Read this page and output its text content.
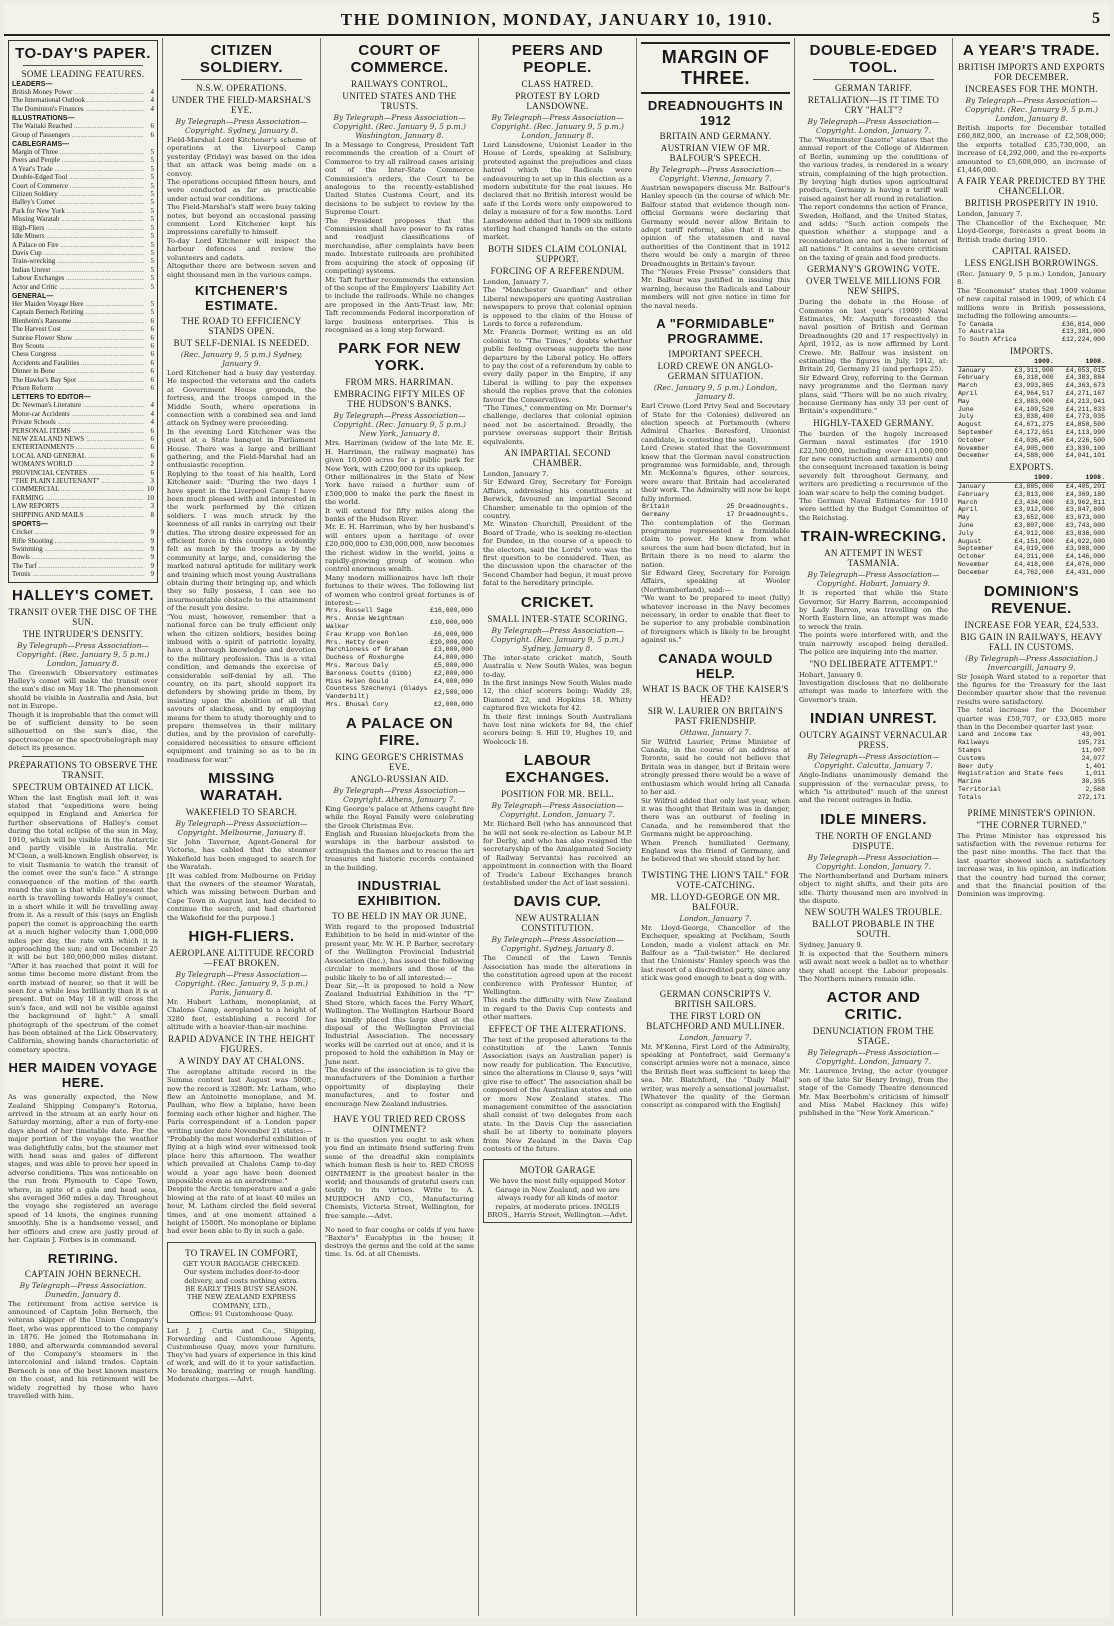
THE DOMINION, MONDAY, JANUARY 10, 1910.	5
TO-DAY'S PAPER.
SOME LEADING FEATURES.
LEADERS—
British Money Power .....	4
The International Outlook .....	4
The Dominion's Finances .....	4
ILLUSTRATIONS—
The Waitaki Reached .....	6
Group of Passengers .....	6
CABLEGRAMS—
Margin of Three .....	5
Peers and People .....	5
A Year's Trade .....	5
Double-Edged Tool .....	5
Court of Commerce .....	5
Citizen Soldiery .....	5
Halley's Comet .....	5
Park for New York .....	5
Missing Waratah .....	5
High-Fliers .....	5
Idle Miners .....	5
A Palace on Fire .....	5
Davis Cup .....	5
Train-wrecking .....	5
Indian Unrest .....	5
Labour Exchanges .....	5
Actor and Critic .....	5
GENERAL—
Her Maiden Voyage Here .....	5
Captain Bernech Retiring .....	5
Blenheim's Ransome .....	6
The Harvest Cost .....	6
Sunrise Flower Show .....	6
Boy Scouts .....	6
Chess Congress .....	6
Accidents and Fatalities .....	6
Dinner in Bone .....	6
The Hawke's Bay Spot .....	6
Prison Reform .....	6
LETTERS TO EDITOR—
Dr. Newman's Literature .....	4
Motor-car Accidents .....	4
Private Schools .....	4
PERSONAL ITEMS .....	6
NEW ZEALAND NEWS .....	6
ENTERTAINMENTS .....	6
LOCAL AND GENERAL .....	6
WOMAN'S WORLD .....	2
PROVINCIAL CENTRES .....	6
"THE PLAIN LIEUTENANT" .....	3
COMMERCIAL .....	10
FARMING .....	10
LAW REPORTS .....	3
SHIPPING AND MAILS .....	8
SPORTS—
Cricket .....	9
Rifle Shooting .....	9
Swimming .....	9
Bowls .....	9
The Turf .....	9
Tennis .....	9
HALLEY'S COMET.
TRANSIT OVER THE DISC OF THE SUN.
THE INTRUDER'S DENSITY.
By Telegraph—Press Association—Copyright. (Rec. January 9, 5 p.m.) London, January 8.
The Greenwich Observatory estimates Halley's comet will make the transit over the sun's disc on May 18. The phenomenon should be visible in Australia and Asia, but not in Europe.
Though it is improbable that the comet will be of sufficient density to be seen silhouetted on the sun's disc, the spectroscope or the spectrohelograph may detect its presence.
PREPARATIONS TO OBSERVE THE TRANSIT.
SPECTRUM OBTAINED AT LICK.
When the last English mail left it was stated that "expeditions were being equipped in England and America for further observations of Halley's comet during the total eclipse of the sun in May, 1910, which will be visible in the Antarctic and partly visible in Australia. Mr. M'Clean, a well-known English observer, is to visit Tasmania to watch the transit of the comet over the sun's face." A strange consequence of the motion of the earth round the sun is that while at present the earth is travelling towards Halley's comet, in a short while it will be travelling away from it. As a result of this (says an English paper) the comet is approaching the earth at a much higher velocity than 1,000,000 miles per day, the rate with which it is approaching the sun; and on December 25 it will be but 180,000,000 miles distant. "After it has reached that point it will for some time become more distant from the earth instead of nearer, so that it will be seen for a while less brilliantly than it is at present. But on May 18 it will cross the sun's face, and will not be visible against the background of light." A small photograph of the spectrum of the comet has been obtained at the Lick Observatory, California, showing bands characteristic of cometary spectra.
HER MAIDEN VOYAGE HERE.
As was generally expected, the New Zealand Shipping Company's Rotorua, arrived in the stream at an early hour on Saturday morning, after a run of forty-one days ahead of her timetable date. For the major portion of the voyage the weather was delightfully calm, but the steamer met with head seas and gales of different stages, and was able to prove her speed in adverse conditions. This was noticeable on the run from Plymouth to Cape Town, where, in spite of a gale and head seas, she averaged 360 miles a day. Throughout the voyage she registered an average speed of 14 knots, the engines running smoothly. She is a handsome vessel, and her officers and crew are justly proud of her. Captain J. Forbes is in command.
RETIRING.
CAPTAIN JOHN BERNECH.
By Telegraph—Press Association. Dunedin, January 8.
The retirement from active service is announced of Captain John Bernech, the veteran skipper of the Union Company's fleet, who was apprenticed to the company in 1876. He joined the Rotomahana in 1880, and afterwards commanded several of the Company's steamers in the intercolonial and island trades. Captain Bernech is one of the best known masters on the coast, and his retirement will be widely regretted by those who have travelled with him.
CITIZEN SOLDIERY.
N.S.W. OPERATIONS.
UNDER THE FIELD-MARSHAL'S EYE.
By Telegraph—Press Association—Copyright. Sydney, January 8.
Field-Marshal Lord Kitchener's scheme of operations at the Liverpool Camp yesterday (Friday) was based on the idea that an attack was being made on a convoy.
The operations occupied fifteen hours, and were conducted as far as practicable under actual war conditions.
The Field-Marshal's staff were busy taking notes, but beyond an occasional passing comment Lord Kitchener kept his impressions carefully to himself.
To-day Lord Kitchener will inspect the harbour defences and review the volunteers and cadets.
Altogether there are between seven and eight thousand men in the various camps.
KITCHENER'S ESTIMATE.
THE ROAD TO EFFICIENCY STANDS OPEN.
BUT SELF-DENIAL IS NEEDED.
(Rec. January 9, 5 p.m.) Sydney, January 9.
Lord Kitchener had a busy day yesterday. He inspected the veterans and the cadets at Government House grounds, the fortress, and the troops camped in the Middle South, where operations in connection with a combined sea and land attack on Sydney were proceeding.
In the evening Lord Kitchener was the guest at a State banquet in Parliament House. There was a large and brilliant gathering, and the Field-Marshal had an enthusiastic reception.
Replying to the toast of his health, Lord Kitchener said: "During the two days I have spent in the Liverpool Camp I have been much pleased with and interested in the work performed by the citizen soldiers. I was much struck by the keenness of all ranks in carrying out their duties. The strong desire expressed for an efficient force in this country is evidently felt as much by the troops as by the community at large, and, considering the marked natural aptitude for military work and training which most young Australians obtain during their bringing up, and which they so fully possess, I can see no insurmountable obstacle to the attainment of the result you desire.
"You must, however, remember that a national force can be truly efficient only when the citizen soldiers, besides being imbued with a spirit of patriotic loyalty, have a thorough knowledge and devotion to the military profession. This is a vital condition, and demands the exercise of considerable self-denial by all. The country, on its part, should support its defenders by showing pride in them, by insisting upon the abolition of all that savours of slackness, and by employing means for them to study thoroughly and to prepare themselves in their military duties, and by the provision of carefully-considered necessities to ensure efficient equipment and training so as to be in readiness for war."
MISSING WARATAH.
WAKEFIELD TO SEARCH.
By Telegraph—Press Association—Copyright. Melbourne, January 8.
Sir John Taverner, Agent-General for Victoria, has cabled that the steamer Wakefield has been engaged to search for the Waratah.
[It was cabled from Melbourne on Friday that the owners of the steamer Waratah, which was missing between Durban and Cape Town in August last, had decided to continue the search, and had chartered the Wakefield for the purpose.]
HIGH-FLIERS.
AEROPLANE ALTITUDE RECORD —FEAT BROKEN.
By Telegraph—Press Association—Copyright. (Rec. January 9, 5 p.m.) Paris, January 8.
Mr. Hubert Latham, monoplanist, at Chalons Camp, aeroplaned to a height of 3280 feet, establishing a record for altitude with a heavier-than-air machine.
RAPID ADVANCE IN THE HEIGHT FIGURES.
A WINDY DAY AT CHALONS.
The aeroplane altitude record in the Summa contest last August was 500ft.; now the record is 3280ft. Mr. Latham, who flew an Antoinette monoplane, and M. Paulhan, who flew a biplane, have been forming each other higher and higher. The Paris correspondent of a London paper writing under date November 21 states:—
"Probably the most wonderful exhibition of flying at a high wind ever witnessed took place here this afternoon. The weather which prevailed at Chalons Camp to-day would a year ago have been deemed impossible even as an aerodrome."
Despite the Arctic temperature and a gale blowing at the rate of at least 40 miles an hour, M. Latham circled the field several times, and at one moment attained a height of 1500ft. No monoplane or biplane had ever been able to fly in such a gale.
TO TRAVEL IN COMFORT,
GET YOUR BAGGAGE CHECKED.
Our system includes door-to-door delivery, and costs nothing extra.
BE EARLY THIS BUSY SEASON.
THE NEW ZEALAND EXPRESS COMPANY, LTD.,
Office: 91 Customhouse Quay.
Let J. J. Curtis and Co., Shipping, Forwarding and Customhouse Agents, Customhouse Quay, move your furniture. They've had years of experience in this kind of work, and will do it to your satisfaction. No breaking, marring or rough handling. Moderate charges.—Advt.
COURT OF COMMERCE.
RAILWAYS CONTROL.
UNITED STATES AND THE TRUSTS.
By Telegraph—Press Association—Copyright. (Rec. January 9, 5 p.m.) Washington, January 8.
In a Message to Congress, President Taft recommends the creation of a Court of Commerce to try all railroad cases arising out of the Inter-State Commerce Commission's orders, the Court to be analogous to the recently-established United States Customs Court, and its decisions to be subject to review by the Supreme Court.
The President proposes that the Commission shall have power to fix rates and readjust classifications of merchandise, after complaints have been made. Interstate railroads are prohibited from acquiring the stock of opposing (if competing) systems.
Mr. Taft further recommends the extension of the scope of the Employers' Liability Act to include the railroads. While no changes are proposed in the Anti-Trust law, Mr. Taft recommends Federal incorporation of large business enterprises. This is recognised as a long step forward.
PARK FOR NEW YORK.
FROM MRS. HARRIMAN.
EMBRACING FIFTY MILES OF THE HUDSON'S BANKS.
By Telegraph—Press Association—Copyright. (Rec. January 9, 5 p.m.) New York, January 8.
Mrs. Harriman (widow of the late Mr. E. H. Harriman, the railway magnate) has given 10,000 acres for a public park for New York, with £200,000 for its upkeep.
Other millionaires in the State of New York have raised a further sum of £500,000 to make the park the finest in the world.
It will extend for fifty miles along the banks of the Hudson River.
Mr. E. H. Harriman, who by her husband's will enters upon a heritage of over £20,000,000 to £30,000,000, now becomes the richest widow in the world, joins a rapidly-growing group of women who control enormous wealth.
Many modern millionaires have left their fortunes to their wives. The following list of women who control great fortunes is of interest:—
Mrs. Russell Sage	£16,000,000
Mrs. Annie Weightman Walker	£10,000,000
Frau Krupp von Bohlen	£6,000,000
Mrs. Hetty Green	£10,000,000
Marchioness of Graham	£3,000,000
Duchess of Roxburghe	£4,000,000
Mrs. Marcus Daly	£5,000,000
Baroness Coutts (Gibb)	£2,000,000
Miss Helen Gould	£4,000,000
Countess Széchenyi (Gladys Vanderbilt)	£2,500,000
Mrs. Bhusal Cory	£2,000,000
A PALACE ON FIRE.
KING GEORGE'S CHRISTMAS EVE.
ANGLO-RUSSIAN AID.
By Telegraph—Press Association—Copyright. Athens, January 7.
King George's palace at Athens caught fire while the Royal Family were celebrating the Greek Christmas Eve.
English and Russian bluejackets from the warships in the harbour assisted to extinguish the flames and to rescue the art treasures and historic records contained in the building.
INDUSTRIAL EXHIBITION.
TO BE HELD IN MAY OR JUNE.
With regard to the proposed Industrial Exhibition to be held in mid-winter of the present year, Mr. W. H. P. Barber, secretary of the Wellington Provincial Industrial Association (Inc.), has issued the following circular to members and those of the public likely to be of all interested:—
Dear Sir,—It is proposed to hold a New Zealand Industrial Exhibition in the "T" Shed Store, which faces the Ferry Wharf, Wellington. The Wellington Harbour Board has kindly placed this large shed at the disposal of the Wellington Provincial Industrial Association. The necessary works will be carried out at once, and it is proposed to hold the exhibition in May or June next.
The desire of the association is to give the manufacturers of the Dominion a further opportunity of displaying their manufactures, and to foster and encourage New Zealand industries.
HAVE YOU TRIED RED CROSS OINTMENT?
It is the question you ought to ask when you find an intimate friend suffering from some of the dreadful skin complaints which human flesh is heir to. RED CROSS OINTMENT is the greatest healer in the world; and thousands of grateful users can testify to its virtues. Write to A. MURDOCH AND CO., Manufacturing Chemists, Victoria Street, Wellington, for free sample.—Advt.
No need to fear coughs or colds if you have "Baxter's" Eucalyptus in the house; it destroys the germs and the cold at the same time. 1s. 6d. at all Chemists.
PEERS AND PEOPLE.
CLASS HATRED.
PROTEST BY LORD LANSDOWNE.
By Telegraph—Press Association—Copyright. (Rec. January 9, 5 p.m.) London, January 8.
Lord Lansdowne, Unionist Leader in the House of Lords, speaking at Salisbury, protested against the prejudices and class hatred which the Radicals were endeavouring to set up in this election as a modern substitute for the real issues. He declared that no British interest would be safe if the Lords were only empowered to delay a measure of for a few months. Lord Lansdowne added that in 1909 six millions sterling had changed hands on the estate market.
BOTH SIDES CLAIM COLONIAL SUPPORT.
FORCING OF A REFERENDUM.
London, January 7.
The "Manchester Guardian" and other Liberal newspapers are quoting Australian newspapers to prove that colonial opinion is opposed to the claim of the House of Lords to force a referendum.
Mr. Francis Dormer, writing as an old colonist to "The Times," doubts whether public feeling overseas supports the new departure by the Liberal policy. He offers to pay the cost of a referendum by cable to every daily paper in the Empire, if any Liberal is willing to pay the expenses should the replies prove that the colonies favour the Conservatives.
"The Times," commenting on Mr. Dormer's challenge, declares that colonial opinion need not be ascertained. Broadly, the purview overseas support their British equivalents.
AN IMPARTIAL SECOND CHAMBER.
London, January 7.
Sir Edward Grey, Secretary for Foreign Affairs, addressing his constituents at Berwick, favoured an impartial Second Chamber, amenable to the opinion of the country.
Mr. Winston Churchill, President of the Board of Trade, who is seeking re-election for Dundee, in the course of a speech to the electors, said the Lords' vote was the first question to be considered. Then, as the discussion upon the character of the Second Chamber had begun, it must prove fatal to the hereditary principle.
CRICKET.
SMALL INTER-STATE SCORING.
By Telegraph—Press Association—Copyright. (Rec. January 9, 5 p.m.) Sydney, January 8.
The inter-state cricket match, South Australia v. New South Wales, was begun to-day.
In the first innings New South Wales made 12, the chief scorers being: Waddy 28, Diamond 22, and Hopkins 18. Whitty captured five wickets for 42.
In their first innings South Australians have lost nine wickets for 84, the chief scorers being: S. Hill 19, Hughes 19, and Woolcock 18.
LABOUR EXCHANGES.
POSITION FOR MR. BELL.
By Telegraph—Press Association—Copyright. London, January 7.
Mr. Richard Bell (who has announced that he will not seek re-election as Labour M.P. for Derby, and who has also resigned the secretaryship of the Amalgamated Society of Railway Servants) has received an appointment in connection with the Board of Trade's Labour Exchanges branch (established under the Act of last session).
DAVIS CUP.
NEW AUSTRALIAN CONSTITUTION.
By Telegraph—Press Association—Copyright. Sydney, January 8.
The Council of the Lawn Tennis Association has made the alterations in the constitution agreed upon at the recent conference with Professor Hunter, of Wellington.
This ends the difficulty with New Zealand in regard to the Davis Cup contests and other matters.
EFFECT OF THE ALTERATIONS.
The text of the proposed alterations to the constitution of the Lawn Tennis Association (says an Australian paper) is now ready for publication. The Executive, since the alterations in Clause 9, says "will give rise to effect" The association shall be composed of the Australian states and one or more New Zealand states. The management committee of the association shall consist of two delegates from each state. In the Davis Cup the association shall be at liberty to nominate players from New Zealand in the Davis Cup contests of the future.
MOTOR GARAGE
We have the most fully equipped Motor Garage in New Zealand, and we are always ready for all kinds of motor repairs, at moderate prices. INGLIS BROS., Harris Street, Wellington.—Advt.
MARGIN OF THREE.
DREADNOUGHTS IN 1912
BRITAIN AND GERMANY.
AUSTRIAN VIEW OF MR. BALFOUR'S SPEECH.
By Telegraph—Press Association—Copyright. Vienna, January 7.
Austrian newspapers discuss Mr. Balfour's Hanley speech (in the course of which Mr. Balfour stated that evidence though non-official Germans were declaring that Germany would never allow Britain to adopt tariff reform), also that it is the opinion of the statesmen and naval authorities of the Continent that in 1912 there would be only a margin of three Dreadnoughts in Britain's favour.
The "Neues Freie Presse" considers that Mr. Balfour was justified in issuing this warning, because the Radicals and Labour members will not give notice in time for the naval needs.
A "FORMIDABLE" PROGRAMME.
IMPORTANT SPEECH.
LORD CREWE ON ANGLO-GERMAN SITUATION.
(Rec. January 9, 5 p.m.) London, January 8.
Earl Crewe (Lord Privy Seal and Secretary of State for the Colonies) delivered an election speech at Portsmouth (where Admiral Charles Beresford, Unionist candidate, is contesting the seat).
Lord Crewe stated that the Government knew that the German naval construction programme was formidable, and, through Mr. McKenna's figures, other sources, were aware that Britain had accelerated their work. The Admiralty will now be kept fully informed.
Britain	25 Dreadnoughts.
Germany	17 Dreadnoughts.
The contemplation of the German programme represented a formidable claim to power. He knew from what sources the sum had been dictated, but in Britain there is no need to alarm the nation.
Sir Edward Grey, Secretary for Foreign Affairs, speaking at Wooler (Northumberland), said:—
"We want to be prepared to meet (fully) whatever increase in the Navy becomes necessary, in order to enable that fleet to be superior to any probable combination of foreigners which is likely to be brought against us."
CANADA WOULD HELP.
WHAT IS BACK OF THE KAISER'S HEAD?
SIR W. LAURIER ON BRITAIN'S PAST FRIENDSHIP.
Ottawa, January 7.
Sir Wilfrid Laurier, Prime Minister of Canada, in the course of an address at Toronto, said he could not believe that Britain was in danger, but if Britain were strongly pressed there would be a wave of enthusiasm which would bring all Canada to her aid.
Sir Wilfrid added that only last year, when it was thought that Britain was in danger, there was an outburst of feeling in Canada, and he remembered that the Germans might be approaching.
When French humiliated Germany, England was the friend of Germany, and he believed that we should stand by her.
TWISTING THE LION'S TAIL" FOR VOTE-CATCHING.
MR. LLOYD-GEORGE ON MR. BALFOUR.
London, January 7.
Mr. Lloyd-George, Chancellor of the Exchequer, speaking at Peckham, South London, made a violent attack on Mr. Balfour as a "Tail-twister." He declared that the Unionists' Hanley speech was the last resort of a discredited party, since any stick was good enough to beat a dog with.
GERMAN CONSCRIPTS V. BRITISH SAILORS.
THE FIRST LORD ON BLATCHFORD AND MULLINER.
London, January 7.
Mr. M'Kenna, First Lord of the Admiralty, speaking at Pontefract, said Germany's conscript armies were not a menace, since the British fleet was sufficient to keep the sea. Mr. Blatchford, the "Daily Mail" writer, was merely a sensational journalist.
[Whatever the quality of the German conscript as compared with the English]
DOUBLE-EDGED TOOL.
GERMAN TARIFF.
RETALIATION—IS IT TIME TO CRY "HALT"?
By Telegraph—Press Association—Copyright. London, January 7.
The "Westminster Gazette" states that the annual report of the College of Aldermen of Berlin, summing up the conditions of the various trades, is rendered in a weary strain, complaining of the high protection. By levying high duties upon agricultural products, Germany is having a tariff wall raised against her all round in retaliation.
The report condemns the action of France, Sweden, Holland, and the United States, and adds: "Such action compels the question whether a stoppage and a reconsideration are not in the interest of all nations." It contains a severe criticism on the taxing of grain and food products.
GERMANY'S GROWING VOTE.
OVER TWELVE MILLIONS FOR NEW SHIPS.
During the debate in the House of Commons on last year's (1909) Naval Estimates, Mr. Asquith forecasted the naval position of British and German Dreadnoughts (20 and 17 respectively) in April, 1912, as is now affirmed by Lord Crewe. Mr. Balfour was insistent on estimating the figures in July, 1912, at: Britain 20, Germany 21 (and perhaps 25).
Sir Edward Grey, referring to the German navy programme and the German navy plans, said "There will be no such rivalry, because Germany has only 33 per cent of Britain's expenditure."
HIGHLY-TAXED GERMANY.
The burden of the hugely increased German naval estimates (for 1910 £22,500,000, including over £11,000,000 for new construction and armaments) and the consequent increased taxation is being severely felt throughout Germany, and writers are predicting a recurrence of the loan war scare to help the coming budget.
The German Naval Estimates for 1910 were settled by the Budget Committee of the Reichstag.
TRAIN-WRECKING.
AN ATTEMPT IN WEST TASMANIA.
By Telegraph—Press Association—Copyright. Hobart, January 9.
It is reported that while the State Governor, Sir Harry Barron, accompanied by Lady Barron, was travelling on the North Eastern line, an attempt was made to wreck the train.
The points were interfered with, and the train narrowly escaped being derailed. The police are inquiring into the matter.
"NO DELIBERATE ATTEMPT."
Hobart, January 9.
Investigation discloses that no deliberate attempt was made to interfere with the Governor's train.
INDIAN UNREST.
OUTCRY AGAINST VERNACULAR PRESS.
By Telegraph—Press Association—Copyright. Calcutta, January 7.
Anglo-Indians unanimously demand the suppression of the vernacular press, to which "is attributed" much of the unrest and the recent outrages in India.
IDLE MINERS.
THE NORTH OF ENGLAND DISPUTE.
By Telegraph—Press Association—Copyright. London, January 7.
The Northumberland and Durham miners object to night shifts, and their pits are idle. Thirty thousand men are involved in the dispute.
NEW SOUTH WALES TROUBLE.
BALLOT PROBABLE IN THE SOUTH.
Sydney, January 9.
It is expected that the Southern miners will await next week a ballot as to whether they shall accept the Labour proposals. The Northern miners remain idle.
ACTOR AND CRITIC.
DENUNCIATION FROM THE STAGE.
By Telegraph—Press Association—Copyright. London, January 7.
Mr. Laurence Irving, the actor (younger son of the late Sir Henry Irving), from the stage of the Comedy Theatre denounced Mr. Max Beerbohm's criticism of himself and Miss Mabel Hackney (his wife) published in the "New York American."
A YEAR'S TRADE.
BRITISH IMPORTS AND EXPORTS FOR DECEMBER.
INCREASES FOR THE MONTH.
By Telegraph—Press Association—Copyright. (Rec. January 9, 5 p.m.) London, January 8.
British imports for December totalled £60,882,000, an increase of £2,508,000; the exports totalled £35,730,000, an increase of £4,292,000, and the re-exports amounted to £5,608,000, an increase of £1,446,000.
A FAIR YEAR PREDICTED BY THE CHANCELLOR.
BRITISH PROSPERITY IN 1910.
London, January 7.
The Chancellor of the Exchequer, Mr. Lloyd-George, forecasts a great boom in British trade during 1910.
CAPITAL RAISED.
LESS ENGLISH BORROWINGS.
(Rec. January 9, 5 p.m.) London, January 8.
The "Economist" states that 1909 volume of new capital raised in 1909, of which £4 millions were in British possessions, including the following amounts:—
To Canada	£36,814,000
To Australia	£13,381,000
To South Africa	£12,224,000
IMPORTS.
	1909.	1908.
January	£3,311,900	£4,053,015
February	£6,318,000	£4,383,884
March	£3,993,865	£4,363,673
April	£4,964,517	£4,271,167
May	£3,883,000	£4,213,941
June	£4,109,520	£4,211,833
July	£3,838,400	£4,773,035
August	£4,671,275	£4,858,500
September	£4,172,651	£4,113,990
October	£4,036,450	£4,226,500
November	£4,905,000	£3,830,100
December	£4,588,000	£4,041,101
EXPORTS.
	1909.	1908.
January	£3,885,000	£4,405,201
February	£3,813,000	£4,369,180
March	£3,434,000	£3,962,811
April	£3,912,000	£3,847,800
May	£3,652,000	£3,873,000
June	£3,807,000	£3,743,000
July	£4,012,000	£3,836,000
August	£4,151,000	£4,022,000
September	£4,019,000	£3,908,000
October	£4,311,000	£4,146,000
November	£4,418,000	£4,076,000
December	£4,762,000	£4,431,000
DOMINION'S REVENUE.
INCREASE FOR YEAR, £24,533.
BIG GAIN IN RAILWAYS, HEAVY FALL IN CUSTOMS.
(By Telegraph—Press Association.) Invercargill, January 9.
Sir Joseph Ward stated to a reporter that the figures for the Treasury for the last December quarter show that the revenue results were satisfactory.
The total increase for the December quarter was £59,707, or £33,085 more than in the December quarter last year.
Land and income tax	43,001
Railways	195,731
Stamps	11,007
Customs	24,077
Beer duty	1,401
Registration and State fees	1,011
Marine	30,355
Territorial	2,568
Totals	272,171
PRIME MINISTER'S OPINION.
"THE CORNER TURNED."
The Prime Minister has expressed his satisfaction with the revenue returns for the past nine months. The fact that the last quarter showed such a satisfactory increase was, in his opinion, an indication that the country had turned the corner, and that the financial position of the Dominion was improving.
